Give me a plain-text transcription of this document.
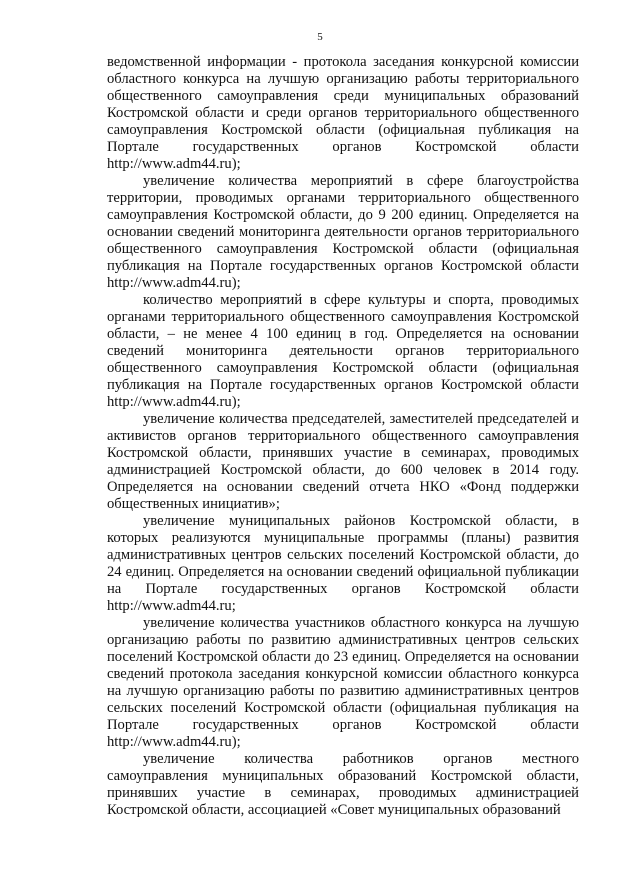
5

ведомственной информации - протокола заседания конкурсной комиссии областного конкурса на лучшую организацию работы территориального общественного самоуправления среди муниципальных образований Костромской области и среди органов территориального общественного самоуправления Костромской области (официальная публикация на Портале государственных органов Костромской области http://www.adm44.ru);

увеличение количества мероприятий в сфере благоустройства территории, проводимых органами территориального общественного самоуправления Костромской области, до 9 200 единиц. Определяется на основании сведений мониторинга деятельности органов территориального общественного самоуправления Костромской области (официальная публикация на Портале государственных органов Костромской области http://www.adm44.ru);

количество мероприятий в сфере культуры и спорта, проводимых органами территориального общественного самоуправления Костромской области, – не менее 4 100 единиц в год. Определяется на основании сведений мониторинга деятельности органов территориального общественного самоуправления Костромской области (официальная публикация на Портале государственных органов Костромской области http://www.adm44.ru);

увеличение количества председателей, заместителей председателей и активистов органов территориального общественного самоуправления Костромской области, принявших участие в семинарах, проводимых администрацией Костромской области, до 600 человек в 2014 году. Определяется на основании сведений отчета НКО «Фонд поддержки общественных инициатив»;

увеличение муниципальных районов Костромской области, в которых реализуются муниципальные программы (планы) развития административных центров сельских поселений Костромской области, до 24 единиц. Определяется на основании сведений официальной публикации на Портале государственных органов Костромской области http://www.adm44.ru;

увеличение количества участников областного конкурса на лучшую организацию работы по развитию административных центров сельских поселений Костромской области до 23 единиц. Определяется на основании сведений протокола заседания конкурсной комиссии областного конкурса на лучшую организацию работы по развитию административных центров сельских поселений Костромской области (официальная публикация на Портале государственных органов Костромской области http://www.adm44.ru);

увеличение количества работников органов местного самоуправления муниципальных образований Костромской области, принявших участие в семинарах, проводимых администрацией Костромской области, ассоциацией «Совет муниципальных образований
